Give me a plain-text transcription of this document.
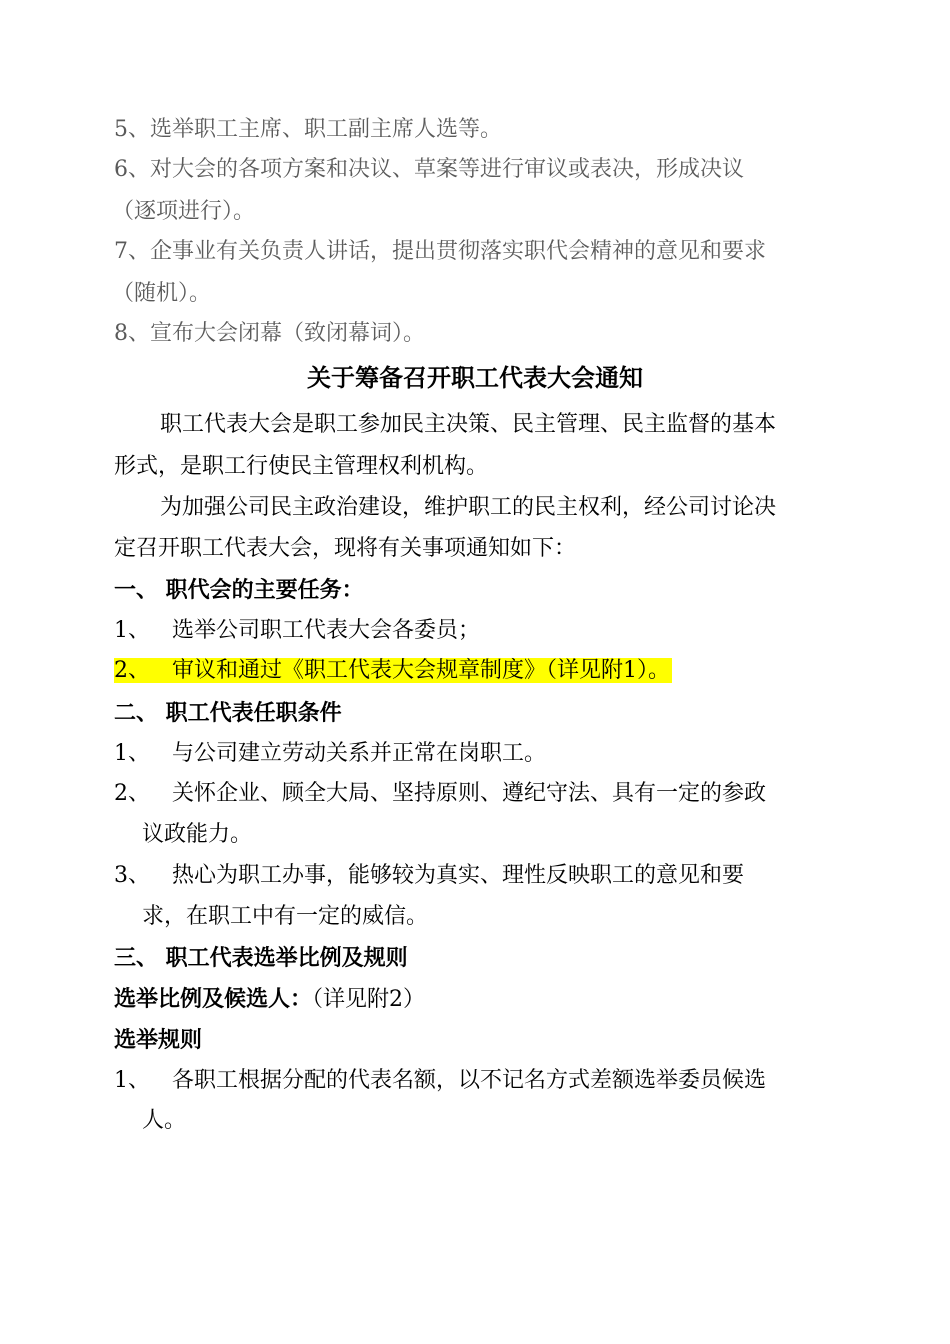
5、选举职工主席、职工副主席人选等。
6、对大会的各项方案和决议、草案等进行审议或表决，形成决议
（逐项进行）。
7、企事业有关负责人讲话，提出贯彻落实职代会精神的意见和要求
（随机）。
8、宣布大会闭幕（致闭幕词）。
关于筹备召开职工代表大会通知
职工代表大会是职工参加民主决策、民主管理、民主监督的基本
形式，是职工行使民主管理权利机构。
为加强公司民主政治建设，维护职工的民主权利，经公司讨论决
定召开职工代表大会，现将有关事项通知如下：
一、 职代会的主要任务：
1、 选举公司职工代表大会各委员；
2、 审议和通过《职工代表大会规章制度》（详见附1）。
二、 职工代表任职条件
1、 与公司建立劳动关系并正常在岗职工。
2、 关怀企业、顾全大局、坚持原则、遵纪守法、具有一定的参政
议政能力。
3、 热心为职工办事，能够较为真实、理性反映职工的意见和要
求，在职工中有一定的威信。
三、 职工代表选举比例及规则
选举比例及候选人：（详见附2）
选举规则
1、 各职工根据分配的代表名额，以不记名方式差额选举委员候选
人。
